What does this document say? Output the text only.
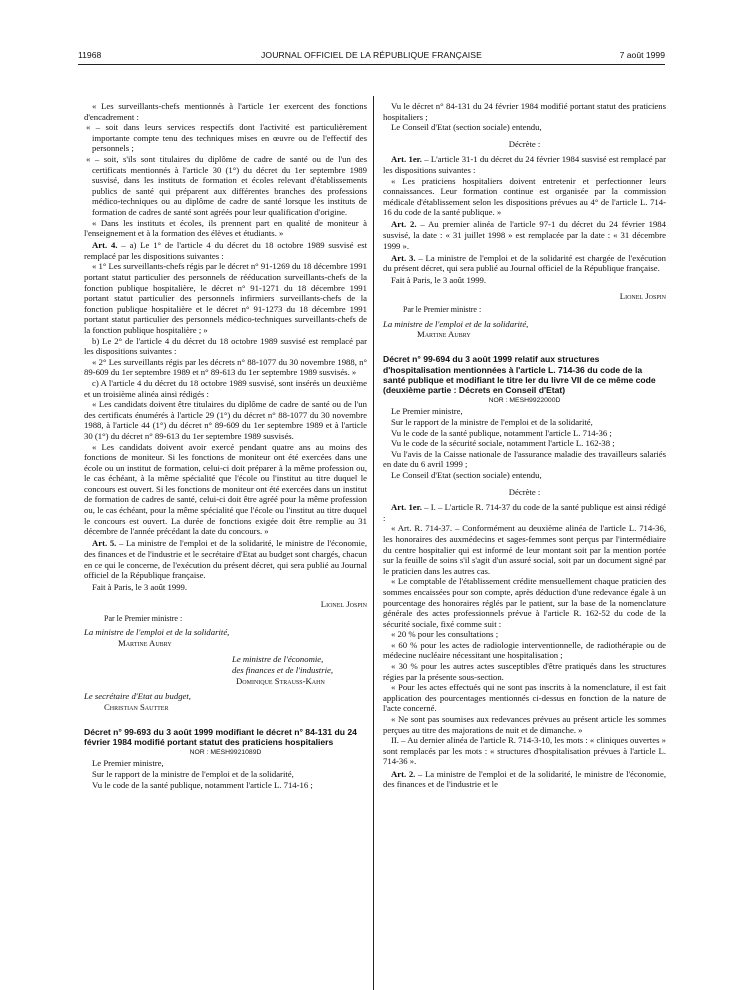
11968	JOURNAL OFFICIEL DE LA RÉPUBLIQUE FRANÇAISE	7 août 1999

« Les surveillants-chefs mentionnés à l'article 1er exercent des fonctions d'encadrement :

« – soit dans leurs services respectifs dont l'activité est particulièrement importante compte tenu des techniques mises en œuvre ou de l'effectif des personnels ;

« – soit, s'ils sont titulaires du diplôme de cadre de santé ou de l'un des certificats mentionnés à l'article 30 (1°) du décret du 1er septembre 1989 susvisé, dans les instituts de formation et écoles relevant d'établissements publics de santé qui préparent aux différentes branches des professions médico-techniques ou au diplôme de cadre de santé lorsque les instituts de formation de cadres de santé sont agréés pour leur qualification d'origine.

« Dans les instituts et écoles, ils prennent part en qualité de moniteur à l'enseignement et à la formation des élèves et étudiants. »

Art. 4. – a) Le 1° de l'article 4 du décret du 18 octobre 1989 susvisé est remplacé par les dispositions suivantes :

« 1° Les surveillants-chefs régis par le décret n° 91-1269 du 18 décembre 1991 portant statut particulier des personnels de rééducation surveillants-chefs de la fonction publique hospitalière, le décret n° 91-1271 du 18 décembre 1991 portant statut particulier des personnels infirmiers surveillants-chefs de la fonction publique hospitalière et le décret n° 91-1273 du 18 décembre 1991 portant statut particulier des personnels médico-techniques surveillants-chefs de la fonction publique hospitalière ; »

b) Le 2° de l'article 4 du décret du 18 octobre 1989 susvisé est remplacé par les dispositions suivantes :

« 2° Les surveillants régis par les décrets n° 88-1077 du 30 novembre 1988, n° 89-609 du 1er septembre 1989 et n° 89-613 du 1er septembre 1989 susvisés. »

c) A l'article 4 du décret du 18 octobre 1989 susvisé, sont insérés un deuxième et un troisième alinéa ainsi rédigés :

« Les candidats doivent être titulaires du diplôme de cadre de santé ou de l'un des certificats énumérés à l'article 29 (1°) du décret n° 88-1077 du 30 novembre 1988, à l'article 44 (1°) du décret n° 89-609 du 1er septembre 1989 et à l'article 30 (1°) du décret n° 89-613 du 1er septembre 1989 susvisés.

« Les candidats doivent avoir exercé pendant quatre ans au moins des fonctions de moniteur. Si les fonctions de moniteur ont été exercées dans une école ou un institut de formation, celui-ci doit préparer à la même profession ou, le cas échéant, à la même spécialité que l'école ou l'institut au titre duquel le concours est ouvert. Si les fonctions de moniteur ont été exercées dans un institut de formation de cadres de santé, celui-ci doit être agréé pour la même profession ou, le cas échéant, pour la même spécialité que l'école ou l'institut au titre duquel le concours est ouvert. La durée de fonctions exigée doit être remplie au 31 décembre de l'année précédant la date du concours. »

Art. 5. – La ministre de l'emploi et de la solidarité, le ministre de l'économie, des finances et de l'industrie et le secrétaire d'Etat au budget sont chargés, chacun en ce qui le concerne, de l'exécution du présent décret, qui sera publié au Journal officiel de la République française.

Fait à Paris, le 3 août 1999.

Lionel Jospin

Par le Premier ministre :

La ministre de l'emploi et de la solidarité,

Martine Aubry

Le ministre de l'économie,

des finances et de l'industrie,

Dominique Strauss-Kahn

Le secrétaire d'Etat au budget,

Christian Sautter

Décret n° 99-693 du 3 août 1999 modifiant le décret n° 84-131 du 24 février 1984 modifié portant statut des praticiens hospitaliers

NOR : MESH9921089D

Le Premier ministre,

Sur le rapport de la ministre de l'emploi et de la solidarité,

Vu le code de la santé publique, notamment l'article L. 714-16 ;

Vu le décret n° 84-131 du 24 février 1984 modifié portant statut des praticiens hospitaliers ;

Le Conseil d'Etat (section sociale) entendu,

Décrète :

Art. 1er. – L'article 31-1 du décret du 24 février 1984 susvisé est remplacé par les dispositions suivantes :

« Les praticiens hospitaliers doivent entretenir et perfectionner leurs connaissances. Leur formation continue est organisée par la commission médicale d'établissement selon les dispositions prévues au 4° de l'article L. 714-16 du code de la santé publique. »

Art. 2. – Au premier alinéa de l'article 97-1 du décret du 24 février 1984 susvisé, la date : « 31 juillet 1998 » est remplacée par la date : « 31 décembre 1999 ».

Art. 3. – La ministre de l'emploi et de la solidarité est chargée de l'exécution du présent décret, qui sera publié au Journal officiel de la République française.

Fait à Paris, le 3 août 1999.

Lionel Jospin

Par le Premier ministre :

La ministre de l'emploi et de la solidarité,

Martine Aubry

Décret n° 99-694 du 3 août 1999 relatif aux structures d'hospitalisation mentionnées à l'article L. 714-36 du code de la santé publique et modifiant le titre Ier du livre VII de ce même code (deuxième partie : Décrets en Conseil d'Etat)

NOR : MESH9922000D

Le Premier ministre,

Sur le rapport de la ministre de l'emploi et de la solidarité,

Vu le code de la santé publique, notamment l'article L. 714-36 ;

Vu le code de la sécurité sociale, notamment l'article L. 162-38 ;

Vu l'avis de la Caisse nationale de l'assurance maladie des travailleurs salariés en date du 6 avril 1999 ;

Le Conseil d'Etat (section sociale) entendu,

Décrète :

Art. 1er. – I. – L'article R. 714-37 du code de la santé publique est ainsi rédigé :

« Art. R. 714-37. – Conformément au deuxième alinéa de l'article L. 714-36, les honoraires des auxmédecins et sages-femmes sont perçus par l'intermédiaire du centre hospitalier qui est informé de leur montant soit par la mention portée sur la feuille de soins s'il s'agit d'un assuré social, soit par un document signé par le praticien dans les autres cas.

« Le comptable de l'établissement crédite mensuellement chaque praticien des sommes encaissées pour son compte, après déduction d'une redevance égale à un pourcentage des honoraires réglés par le patient, sur la base de la nomenclature générale des actes professionnels prévue à l'article R. 162-52 du code de la sécurité sociale, fixé comme suit :

« 20 % pour les consultations ;

« 60 % pour les actes de radiologie interventionnelle, de radiothérapie ou de médecine nucléaire nécessitant une hospitalisation ;

« 30 % pour les autres actes susceptibles d'être pratiqués dans les structures régies par la présente sous-section.

« Pour les actes effectués qui ne sont pas inscrits à la nomenclature, il est fait application des pourcentages mentionnés ci-dessus en fonction de la nature de l'acte concerné.

« Ne sont pas soumises aux redevances prévues au présent article les sommes perçues au titre des majorations de nuit et de dimanche. »

II. – Au dernier alinéa de l'article R. 714-3-10, les mots : « cliniques ouvertes » sont remplacés par les mots : « structures d'hospitalisation prévues à l'article L. 714-36 ».

Art. 2. – La ministre de l'emploi et de la solidarité, le ministre de l'économie, des finances et de l'industrie et le
